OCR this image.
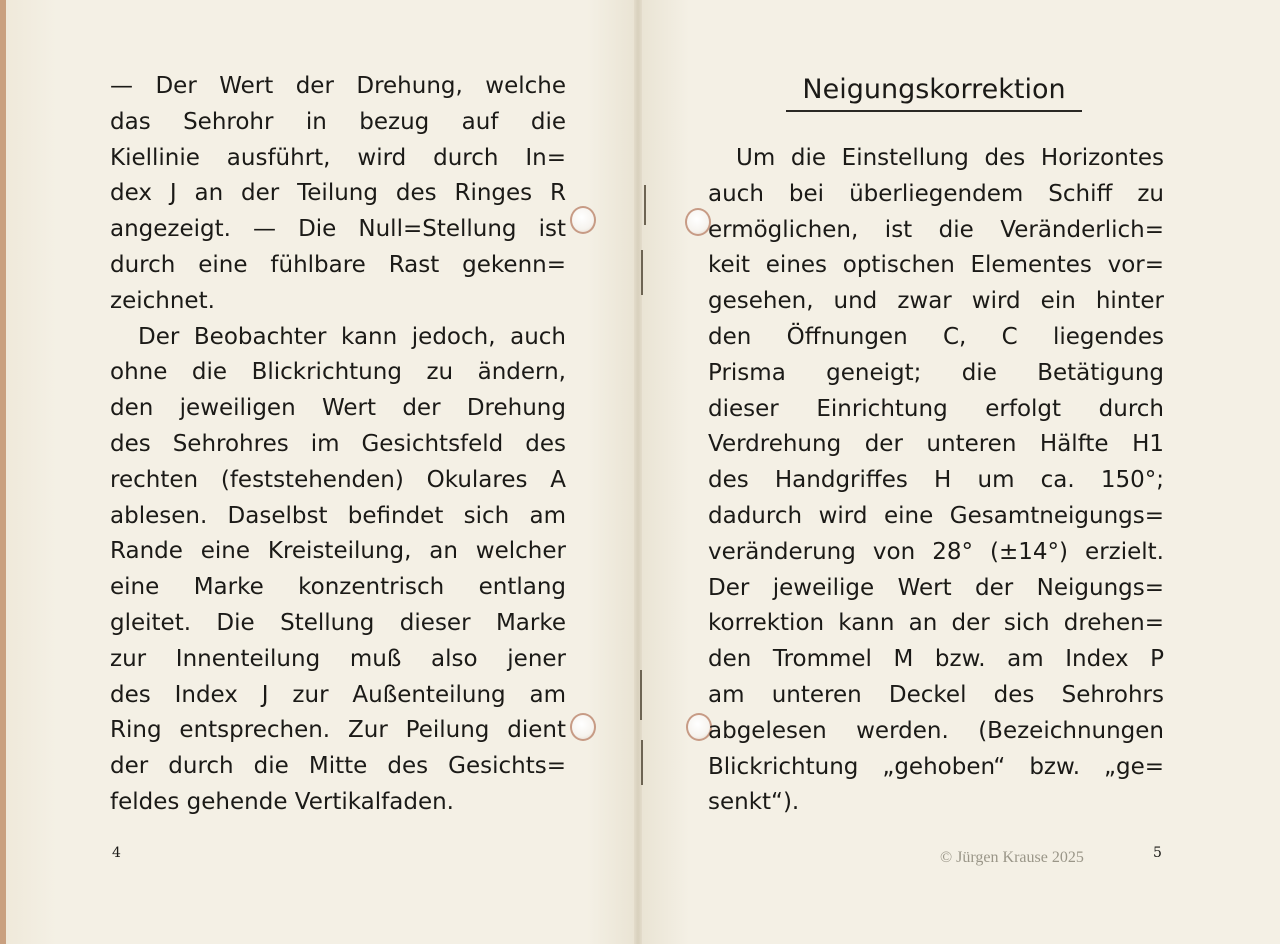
— Der Wert der Drehung, welche
das Sehrohr in bezug auf die
Kiellinie ausführt, wird durch In=
dex J an der Teilung des Ringes R
angezeigt. — Die Null=Stellung ist
durch eine fühlbare Rast gekenn=
zeichnet.
Der Beobachter kann jedoch, auch
ohne die Blickrichtung zu ändern,
den jeweiligen Wert der Drehung
des Sehrohres im Gesichtsfeld des
rechten (feststehenden) Okulares A
ablesen. Daselbst befindet sich am
Rande eine Kreisteilung, an welcher
eine Marke konzentrisch entlang
gleitet. Die Stellung dieser Marke
zur Innenteilung muß also jener
des Index J zur Außenteilung am
Ring entsprechen. Zur Peilung dient
der durch die Mitte des Gesichts=
feldes gehende Vertikalfaden.
4
Neigungskorrektion
Um die Einstellung des Horizontes
auch bei überliegendem Schiff zu
ermöglichen, ist die Veränderlich=
keit eines optischen Elementes vor=
gesehen, und zwar wird ein hinter
den Öffnungen C, C liegendes
Prisma geneigt; die Betätigung
dieser Einrichtung erfolgt durch
Verdrehung der unteren Hälfte H1
des Handgriffes H um ca. 150°;
dadurch wird eine Gesamtneigungs=
veränderung von 28° (±14°) erzielt.
Der jeweilige Wert der Neigungs=
korrektion kann an der sich drehen=
den Trommel M bzw. am Index P
am unteren Deckel des Sehrohrs
abgelesen werden. (Bezeichnungen
Blickrichtung „gehoben“ bzw. „ge=
senkt“).
© Jürgen Krause 2025	5
